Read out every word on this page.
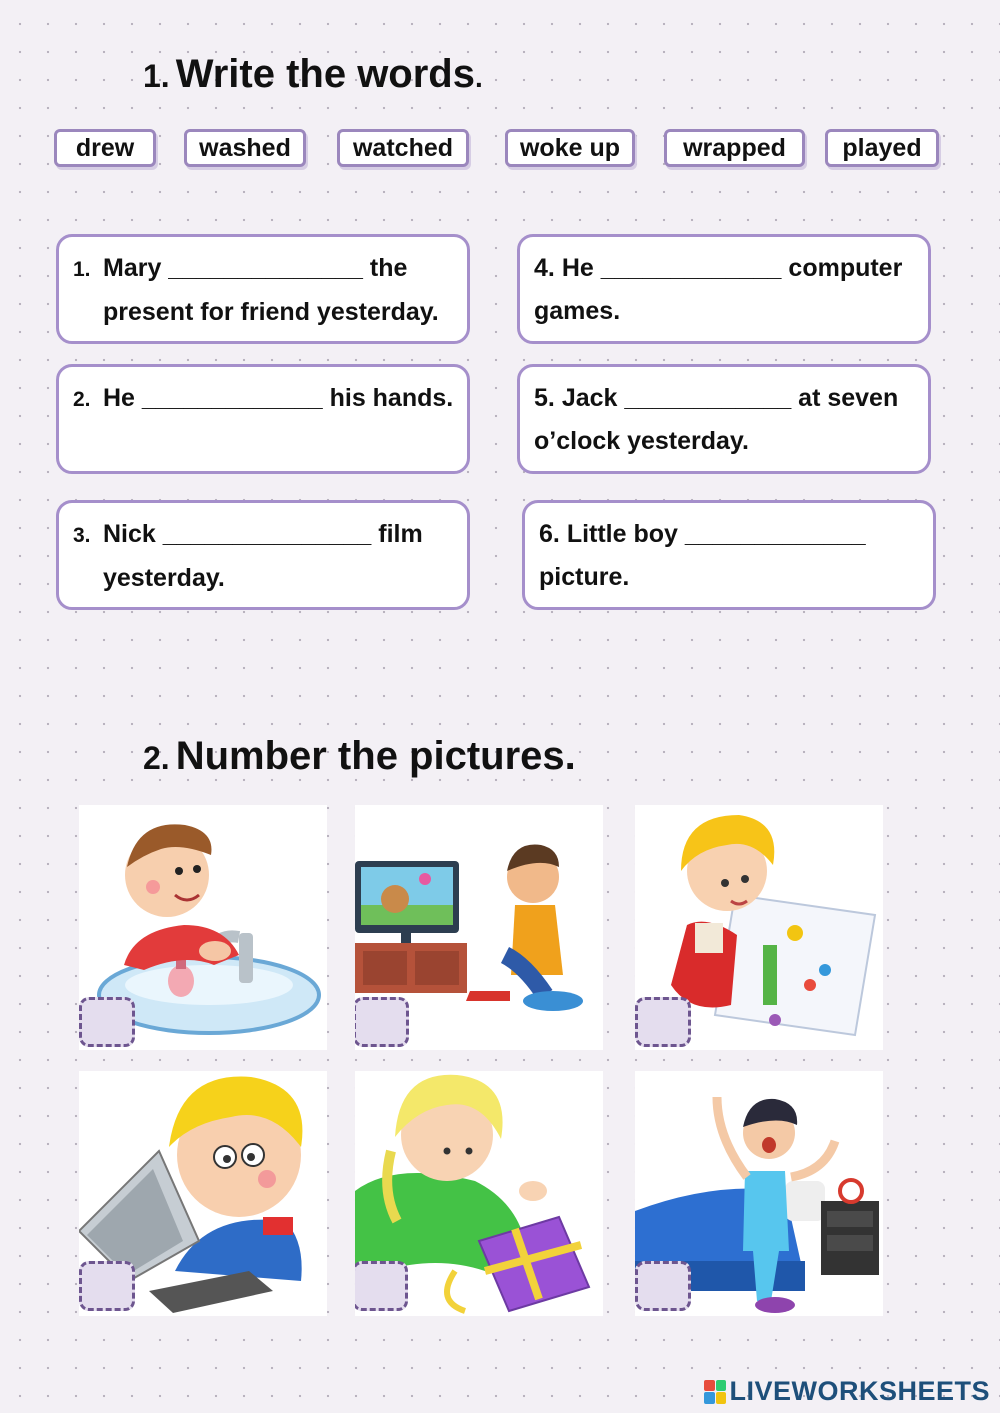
1. Write the words.
drew	washed watched	woke up	wrapped played
1. Mary ______________ the
present for friend yesterday.
2. He _____________ his hands.
3. Nick _______________ film
yesterday.
4. He _____________ computer
games.
5. Jack ____________ at seven
o’clock yesterday.
6. Little boy _____________
picture.
2. Number the pictures.
LIVEWORKSHEETS
